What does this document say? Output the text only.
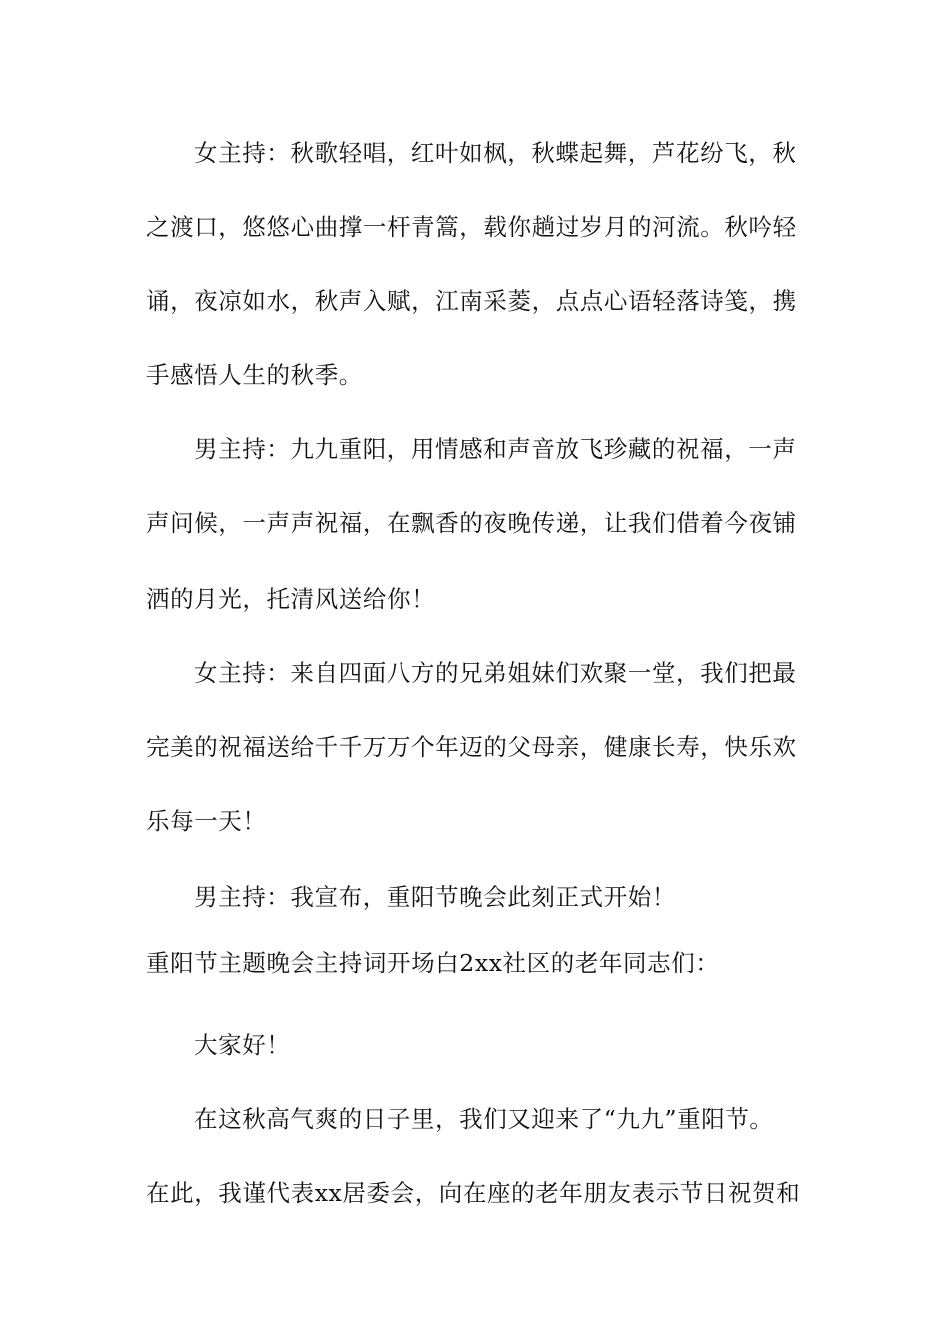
女主持：秋歌轻唱，红叶如枫，秋蝶起舞，芦花纷飞，秋
之渡口，悠悠心曲撑一杆青篙，载你趟过岁月的河流。秋吟轻
诵，夜凉如水，秋声入赋，江南采菱，点点心语轻落诗笺，携
手感悟人生的秋季。
男主持：九九重阳，用情感和声音放飞珍藏的祝福，一声
声问候，一声声祝福，在飘香的夜晚传递，让我们借着今夜铺
洒的月光，托清风送给你！
女主持：来自四面八方的兄弟姐妹们欢聚一堂，我们把最
完美的祝福送给千千万万个年迈的父母亲，健康长寿，快乐欢
乐每一天！
男主持：我宣布，重阳节晚会此刻正式开始！
重阳节主题晚会主持词开场白2xx社区的老年同志们：
大家好！
在这秋高气爽的日子里，我们又迎来了“九九”重阳节。
在此，我谨代表xx居委会，向在座的老年朋友表示节日祝贺和
